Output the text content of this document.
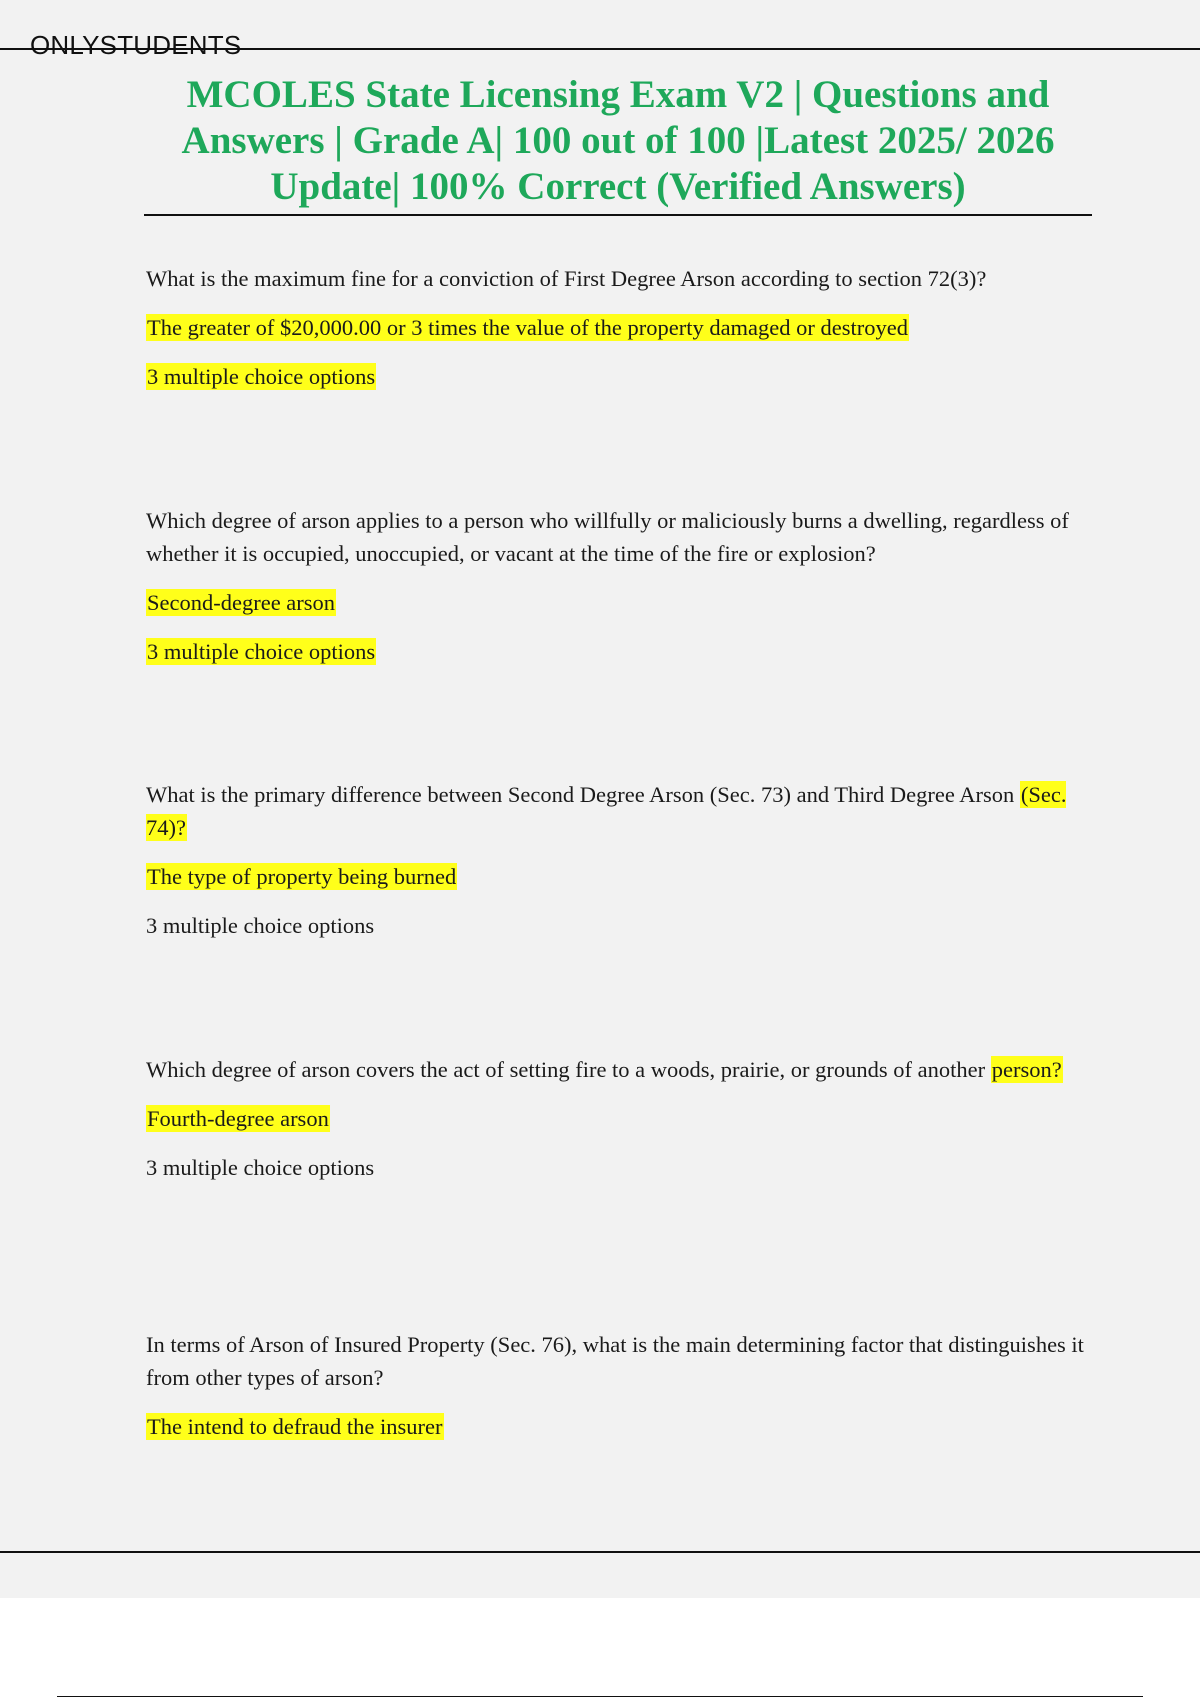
ONLYSTUDENTS
MCOLES State Licensing Exam V2 | Questions and Answers | Grade A| 100 out of 100 |Latest 2025/ 2026 Update| 100% Correct (Verified Answers)

What is the maximum fine for a conviction of First Degree Arson according to section 72(3)?

The greater of $20,000.00 or 3 times the value of the property damaged or destroyed

3 multiple choice options

Which degree of arson applies to a person who willfully or maliciously burns a dwelling, regardless of whether it is occupied, unoccupied, or vacant at the time of the fire or explosion?

Second-degree arson

3 multiple choice options

What is the primary difference between Second Degree Arson (Sec. 73) and Third Degree Arson (Sec. 74)?

The type of property being burned

3 multiple choice options

Which degree of arson covers the act of setting fire to a woods, prairie, or grounds of another person?

Fourth-degree arson

3 multiple choice options

In terms of Arson of Insured Property (Sec. 76), what is the main determining factor that distinguishes it from other types of arson?

The intend to defraud the insurer
